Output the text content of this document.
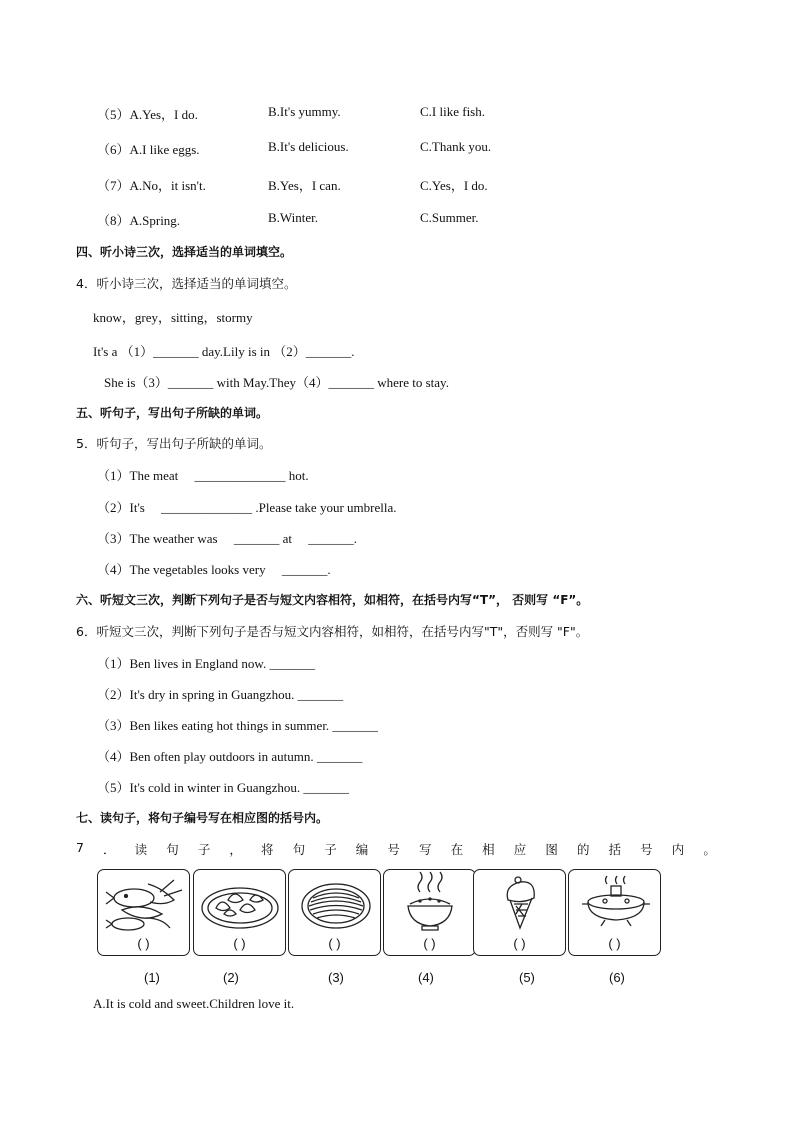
（5）A.Yes，I do.	B.It's yummy.	C.I like fish.
（6）A.I like eggs.	B.It's delicious.	C.Thank you.
（7）A.No，it isn't.	B.Yes，I can.	C.Yes，I do.
（8）A.Spring.	B.Winter.	C.Summer.
四、听小诗三次，选择适当的单词填空。
4．听小诗三次，选择适当的单词填空。
know，grey，sitting，stormy
It's a （1）_______ day.Lily is in （2）_______.
She is（3）_______ with May.They（4）_______ where to stay.
五、听句子，写出句子所缺的单词。
5．听句子，写出句子所缺的单词。
（1）The meat     ______________ hot.
（2）It's     ______________ .Please take your umbrella.
（3）The weather was     _______ at     _______.
（4）The vegetables looks very     _______.
六、听短文三次，判断下列句子是否与短文内容相符，如相符，在括号内写“T”， 否则写 “F”。
6．听短文三次，判断下列句子是否与短文内容相符，如相符，在括号内写"T"，否则写 "F"。
（1）Ben lives in England now. _______
（2）It's dry in spring in Guangzhou. _______
（3）Ben likes eating hot things in summer. _______
（4）Ben often play outdoors in autumn. _______
（5）It's cold in winter in Guangzhou. _______
七、读句子，将句子编号写在相应图的括号内。
7 ． 读 句 子 ， 将 句 子 编 号 写 在 相 应 图 的 括 号 内 。
( )	( )	( )	( )	( )	( )
(1)	(2)	(3)	(4)	(5)	(6)
A.It is cold and sweet.Children love it.
